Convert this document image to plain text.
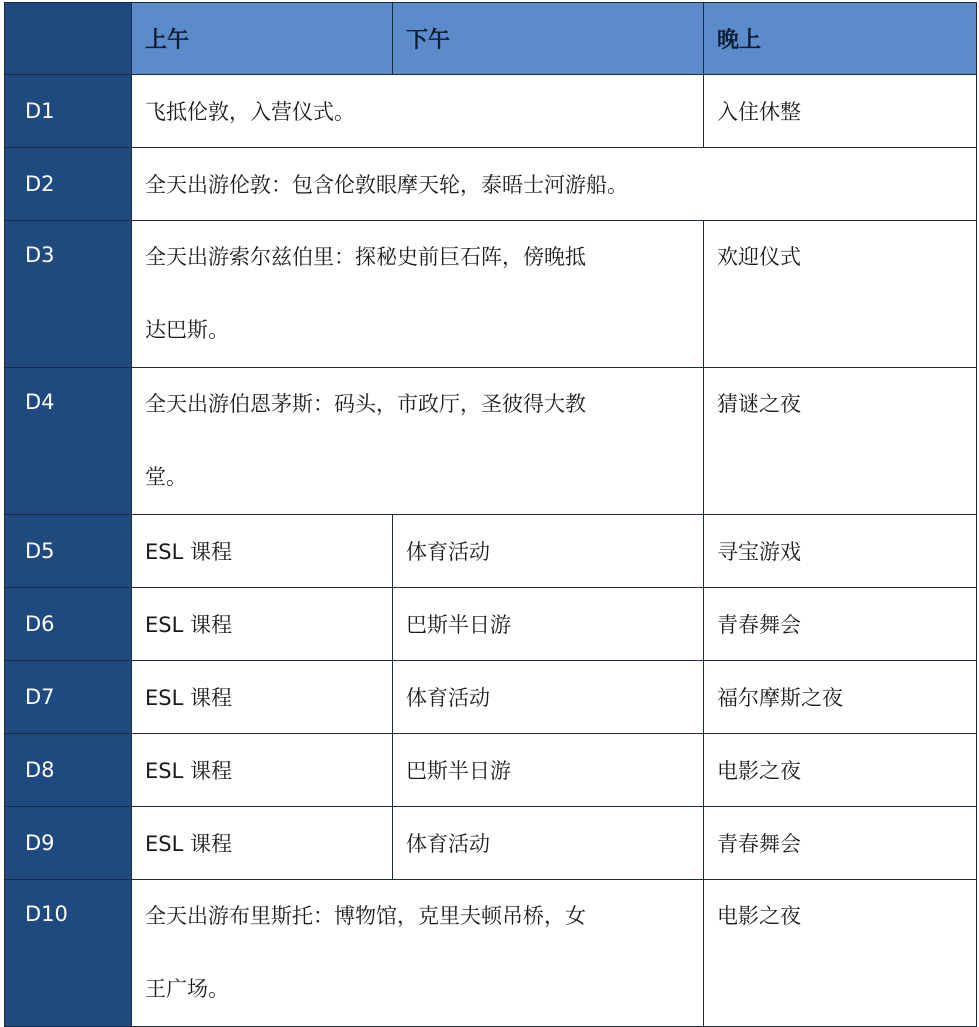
	上午	下午	晚上
D1	飞抵伦敦，入营仪式。		入住休整
D2	全天出游伦敦：包含伦敦眼摩天轮，泰晤士河游船。		
D3	全天出游索尔兹伯里：探秘史前巨石阵，傍晚抵
达巴斯。		欢迎仪式
D4	全天出游伯恩茅斯：码头，市政厅，圣彼得大教
堂。		猜谜之夜
D5	ESL 课程	体育活动	寻宝游戏
D6	ESL 课程	巴斯半日游	青春舞会
D7	ESL 课程	体育活动	福尔摩斯之夜
D8	ESL 课程	巴斯半日游	电影之夜
D9	ESL 课程	体育活动	青春舞会
D10	全天出游布里斯托：博物馆，克里夫顿吊桥，女
王广场。		电影之夜
